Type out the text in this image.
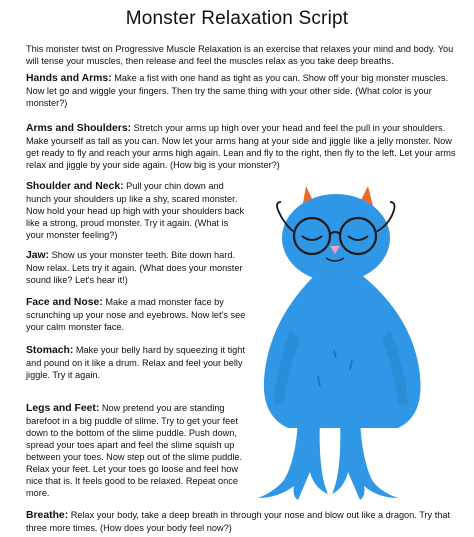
Monster Relaxation Script
This monster twist on Progressive Muscle Relaxation is an exercise that relaxes your mind and body. You will tense your muscles, then release and feel the muscles relax as you take deep breaths.
Hands and Arms: Make a fist with one hand as tight as you can. Show off your big monster muscles. Now let go and wiggle your fingers. Then try the same thing with your other side. (What color is your monster?)
Arms and Shoulders: Stretch your arms up high over your head and feel the pull in your shoulders. Make yourself as tall as you can. Now let your arms hang at your side and jiggle like a jelly monster. Now get ready to fly and reach your arms high again. Lean and fly to the right, then fly to the left. Let your arms relax and jiggle by your side again. (How big is your monster?)
Shoulder and Neck: Pull your chin down and hunch your shoulders up like a shy, scared monster. Now hold your head up high with your shoulders back like a strong, proud monster. Try it again. (What is your monster feeling?)
Jaw: Show us your monster teeth. Bite down hard. Now relax. Lets try it again. (What does your monster sound like? Let's hear it!)
Face and Nose: Make a mad monster face by scrunching up your nose and eyebrows. Now let's see your calm monster face.
Stomach: Make your belly hard by squeezing it tight and pound on it like a drum. Relax and feel your belly jiggle. Try it again.
Legs and Feet: Now pretend you are standing barefoot in a big puddle of slime. Try to get your feet down to the bottom of the slime puddle. Push down, spread your toes apart and feel the slime squish up between your toes. Now step out of the slime puddle. Relax your feet. Let your toes go loose and feel how nice that is. It feels good to be relaxed. Repeat once more.
Breathe: Relax your body, take a deep breath in through your nose and blow out like a dragon. Try that three more times. (How does your body feel now?)
